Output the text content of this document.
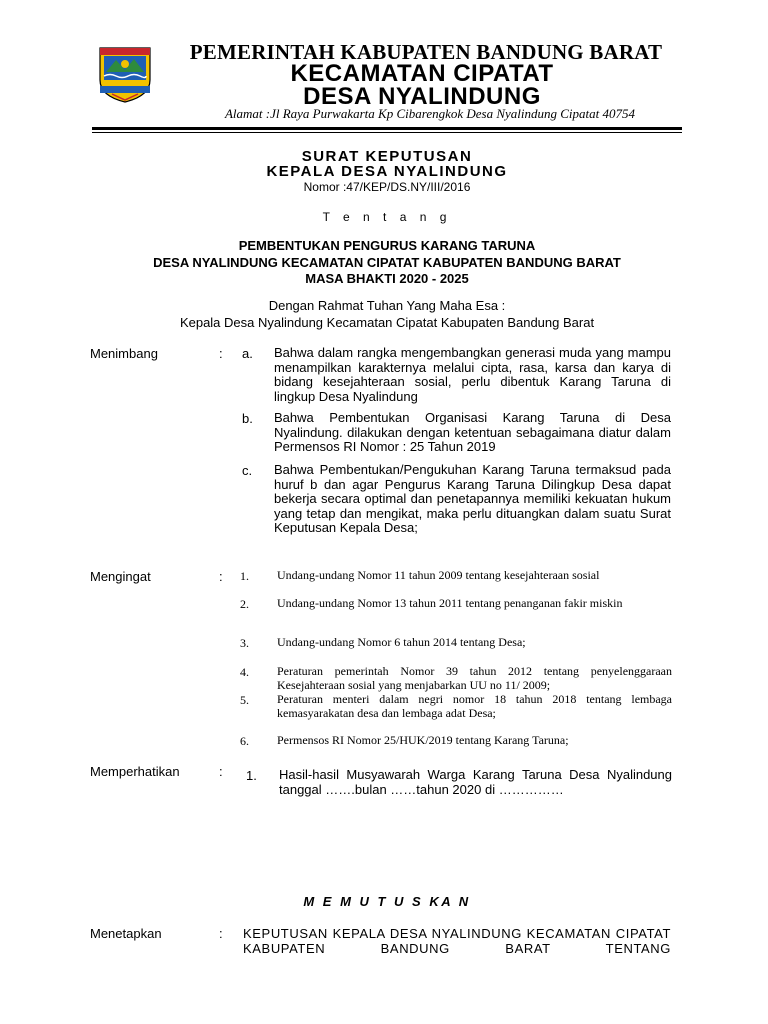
PEMERINTAH KABUPATEN BANDUNG BARAT
KECAMATAN CIPATAT
DESA NYALINDUNG
Alamat :Jl Raya Purwakarta Kp Cibarengkok Desa Nyalindung Cipatat 40754
SURAT KEPUTUSAN
KEPALA DESA NYALINDUNG
Nomor :47/KEP/DS.NY/III/2016
T e n t a n g
PEMBENTUKAN PENGURUS KARANG TARUNA
DESA NYALINDUNG KECAMATAN CIPATAT KABUPATEN BANDUNG BARAT
MASA BHAKTI 2020 - 2025
Dengan Rahmat Tuhan Yang Maha Esa :
Kepala Desa Nyalindung Kecamatan Cipatat Kabupaten Bandung Barat
Menimbang	: a. Bahwa dalam rangka mengembangkan generasi muda yang mampu menampilkan karakternya melalui cipta, rasa, karsa dan karya di bidang kesejahteraan sosial, perlu dibentuk Karang Taruna di lingkup Desa Nyalindung
b. Bahwa Pembentukan Organisasi Karang Taruna di Desa Nyalindung. dilakukan dengan ketentuan sebagaimana diatur dalam Permensos RI Nomor : 25 Tahun 2019
c. Bahwa Pembentukan/Pengukuhan Karang Taruna termaksud pada huruf b dan agar Pengurus Karang Taruna Dilingkup Desa dapat bekerja secara optimal dan penetapannya memiliki kekuatan hukum yang tetap dan mengikat, maka perlu dituangkan dalam suatu Surat Keputusan Kepala Desa;
Mengingat	: 1. Undang-undang Nomor 11 tahun 2009 tentang kesejahteraan sosial
2. Undang-undang Nomor 13 tahun 2011 tentang penanganan fakir miskin
3. Undang-undang Nomor 6 tahun 2014 tentang Desa;
4. Peraturan pemerintah Nomor 39 tahun 2012 tentang penyelenggaraan Kesejahteraan sosial yang menjabarkan UU no 11/ 2009;
5. Peraturan menteri dalam negri nomor 18 tahun 2018 tentang lembaga kemasyarakatan desa dan lembaga adat Desa;
6. Permensos RI Nomor 25/HUK/2019 tentang Karang Taruna;
Memperhatikan	: 1. Hasil-hasil Musyawarah Warga Karang Taruna Desa Nyalindung tanggal …….bulan ……tahun 2020 di ……………
M E M U T U S KA N
Menetapkan	: KEPUTUSAN KEPALA DESA NYALINDUNG KECAMATAN CIPATAT KABUPATEN BANDUNG BARAT TENTANG
